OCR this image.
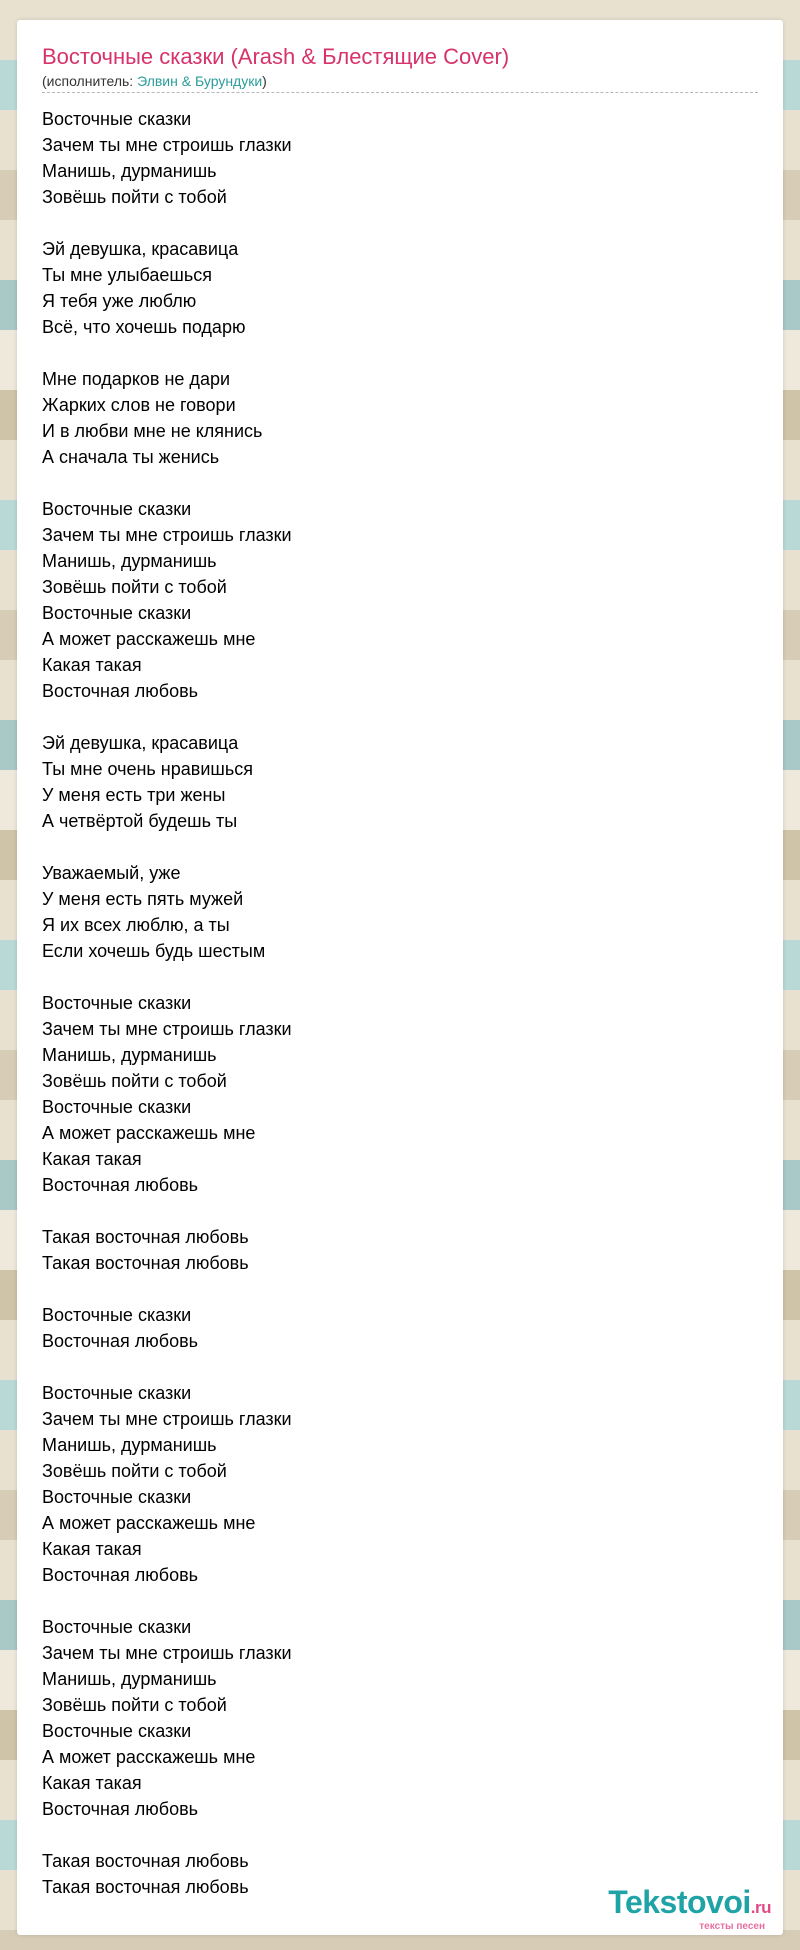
Восточные сказки (Arash & Блестящие Cover)
(исполнитель: Элвин & Бурундуки)
Восточные сказки
Зачем ты мне строишь глазки
Манишь, дурманишь
Зовёшь пойти с тобой
Эй девушка, красавица
Ты мне улыбаешься
Я тебя уже люблю
Всё, что хочешь подарю
Мне подарков не дари
Жарких слов не говори
И в любви мне не клянись
А сначала ты женись
Восточные сказки
Зачем ты мне строишь глазки
Манишь, дурманишь
Зовёшь пойти с тобой
Восточные сказки
А может расскажешь мне
Какая такая
Восточная любовь
Эй девушка, красавица
Ты мне очень нравишься
У меня есть три жены
А четвёртой будешь ты
Уважаемый, уже
У меня есть пять мужей
Я их всех люблю, а ты
Если хочешь будь шестым
Восточные сказки
Зачем ты мне строишь глазки
Манишь, дурманишь
Зовёшь пойти с тобой
Восточные сказки
А может расскажешь мне
Какая такая
Восточная любовь
Такая восточная любовь
Такая восточная любовь
Восточные сказки
Восточная любовь
Восточные сказки
Зачем ты мне строишь глазки
Манишь, дурманишь
Зовёшь пойти с тобой
Восточные сказки
А может расскажешь мне
Какая такая
Восточная любовь
Восточные сказки
Зачем ты мне строишь глазки
Манишь, дурманишь
Зовёшь пойти с тобой
Восточные сказки
А может расскажешь мне
Какая такая
Восточная любовь
Такая восточная любовь
Такая восточная любовь	Tekstovoi.ru
тексты песен
